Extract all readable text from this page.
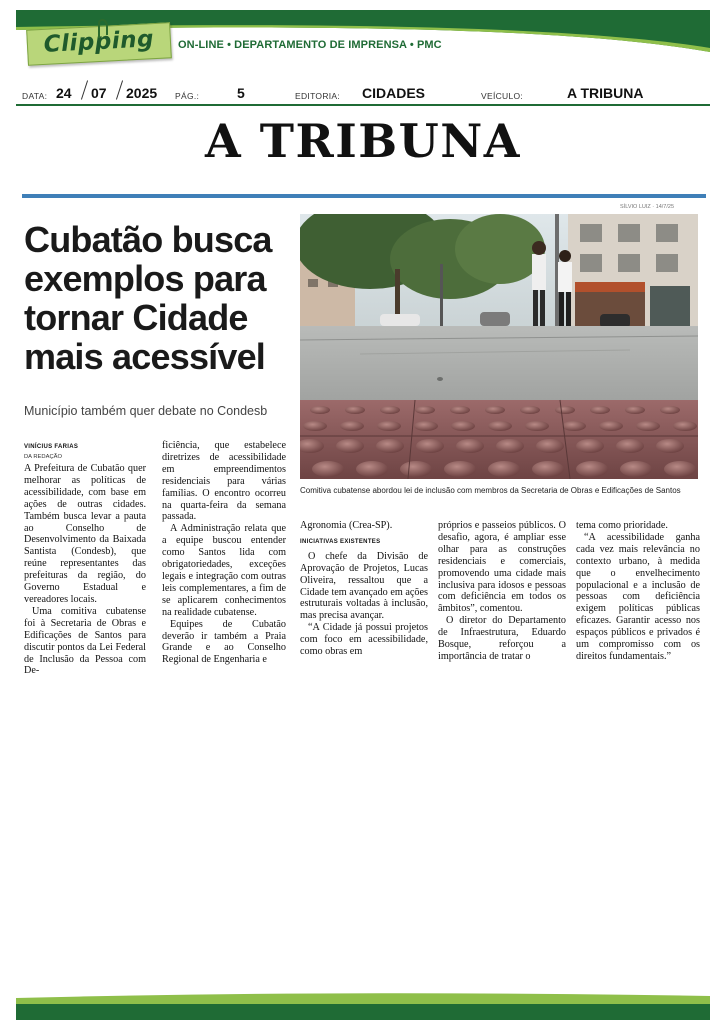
Clipping	ON-LINE • DEPARTAMENTO DE IMPRENSA • PMC
DATA: 24 07 2025 PÁG.:	5	EDITORIA: CIDADES	VEÍCULO:	A TRIBUNA
A TRIBUNA
Cubatão busca exemplos para tornar Cidade mais acessível
Município também quer debate no Condesb
SÍLVIO LUIZ · 14/7/25
Comitiva cubatense abordou lei de inclusão com membros da Secretaria de Obras e Edificações de Santos
VINÍCIUS FARIAS
DA REDAÇÃO

A Prefeitura de Cubatão quer melhorar as políticas de acessibilidade, com base em ações de outras cidades. Também busca levar a pauta ao Conselho de Desenvolvimento da Baixada Santista (Condesb), que reúne representantes das prefeituras da região, do Governo Estadual e vereadores locais.

Uma comitiva cubatense foi à Secretaria de Obras e Edificações de Santos para discutir pontos da Lei Federal de Inclusão da Pessoa com De-

ficiência, que estabelece diretrizes de acessibilidade em empreendimentos residenciais para várias famílias. O encontro ocorreu na quarta-feira da semana passada.

A Administração relata que a equipe buscou entender como Santos lida com obrigatoriedades, exceções legais e integração com outras leis complementares, a fim de se aplicarem conhecimentos na realidade cubatense.

Equipes de Cubatão deverão ir também a Praia Grande e ao Conselho Regional de Engenharia e

Agronomia (Crea-SP).

INICIATIVAS EXISTENTES

O chefe da Divisão de Aprovação de Projetos, Lucas Oliveira, ressaltou que a Cidade tem avançado em ações estruturais voltadas à inclusão, mas precisa avançar.

“A Cidade já possui projetos com foco em acessibilidade, como obras em

próprios e passeios públicos. O desafio, agora, é ampliar esse olhar para as construções residenciais e comerciais, promovendo uma cidade mais inclusiva para idosos e pessoas com deficiência em todos os âmbitos”, comentou.

O diretor do Departamento de Infraestrutura, Eduardo Bosque, reforçou a importância de tratar o

tema como prioridade.

“A acessibilidade ganha cada vez mais relevância no contexto urbano, à medida que o envelhecimento populacional e a inclusão de pessoas com deficiência exigem políticas públicas eficazes. Garantir acesso nos espaços públicos e privados é um compromisso com os direitos fundamentais.”
